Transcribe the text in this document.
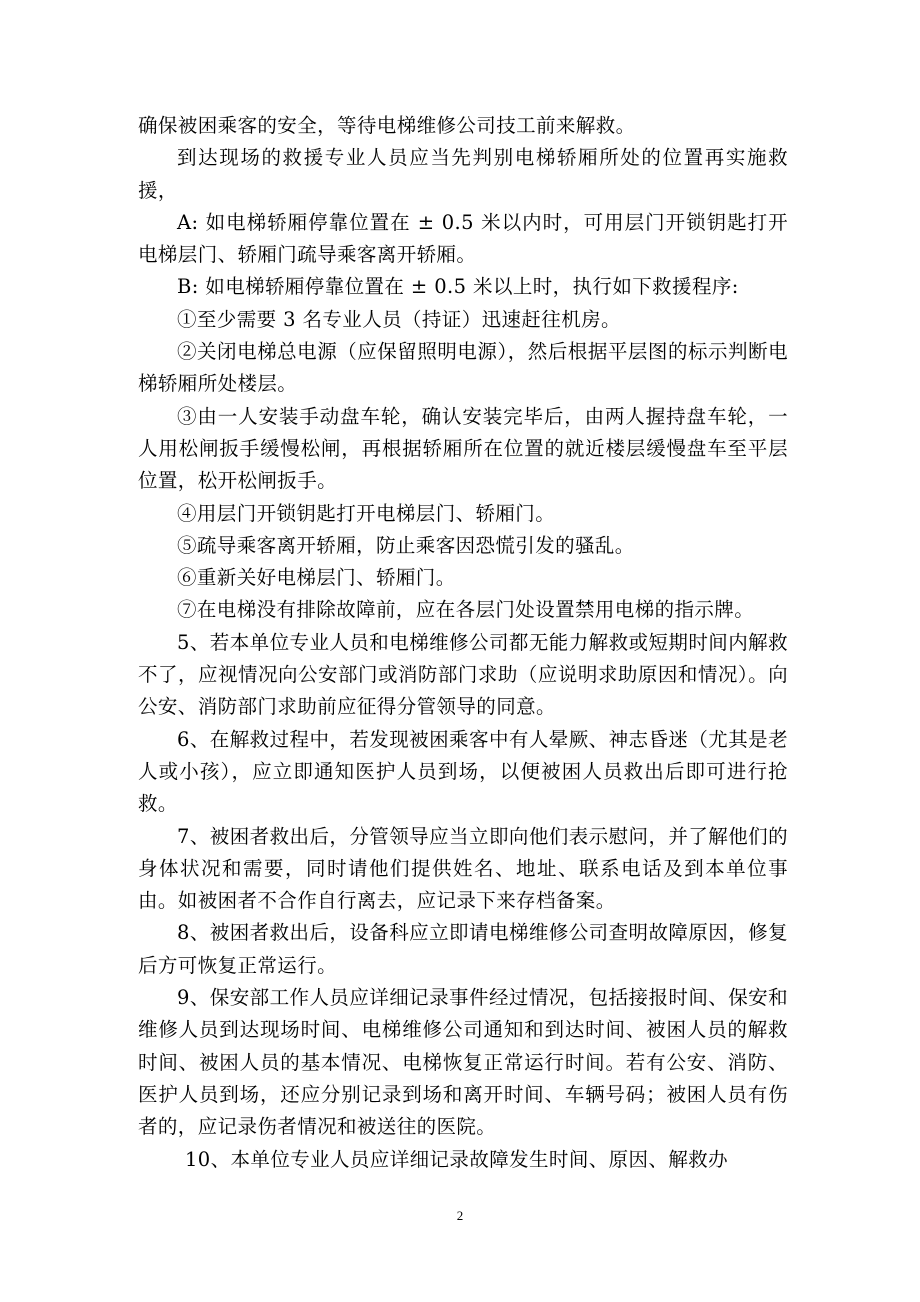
确保被困乘客的安全，等待电梯维修公司技工前来解救。

到达现场的救援专业人员应当先判别电梯轿厢所处的位置再实施救援，

A: 如电梯轿厢停靠位置在 ± 0.5 米以内时，可用层门开锁钥匙打开电梯层门、轿厢门疏导乘客离开轿厢。

B: 如电梯轿厢停靠位置在 ± 0.5 米以上时，执行如下救援程序:

①至少需要 3 名专业人员（持证）迅速赶往机房。

②关闭电梯总电源（应保留照明电源），然后根据平层图的标示判断电梯轿厢所处楼层。

③由一人安装手动盘车轮，确认安装完毕后，由两人握持盘车轮，一人用松闸扳手缓慢松闸，再根据轿厢所在位置的就近楼层缓慢盘车至平层位置，松开松闸扳手。

④用层门开锁钥匙打开电梯层门、轿厢门。

⑤疏导乘客离开轿厢，防止乘客因恐慌引发的骚乱。

⑥重新关好电梯层门、轿厢门。

⑦在电梯没有排除故障前，应在各层门处设置禁用电梯的指示牌。

5、若本单位专业人员和电梯维修公司都无能力解救或短期时间内解救不了，应视情况向公安部门或消防部门求助（应说明求助原因和情况）。向公安、消防部门求助前应征得分管领导的同意。

6、在解救过程中，若发现被困乘客中有人晕厥、神志昏迷（尤其是老人或小孩），应立即通知医护人员到场，以便被困人员救出后即可进行抢救。

7、被困者救出后，分管领导应当立即向他们表示慰问，并了解他们的身体状况和需要，同时请他们提供姓名、地址、联系电话及到本单位事由。如被困者不合作自行离去，应记录下来存档备案。

8、被困者救出后，设备科应立即请电梯维修公司查明故障原因，修复后方可恢复正常运行。

9、保安部工作人员应详细记录事件经过情况，包括接报时间、保安和维修人员到达现场时间、电梯维修公司通知和到达时间、被困人员的解救时间、被困人员的基本情况、电梯恢复正常运行时间。若有公安、消防、医护人员到场，还应分别记录到场和离开时间、车辆号码；被困人员有伤者的，应记录伤者情况和被送往的医院。

10、本单位专业人员应详细记录故障发生时间、原因、解救办

2
